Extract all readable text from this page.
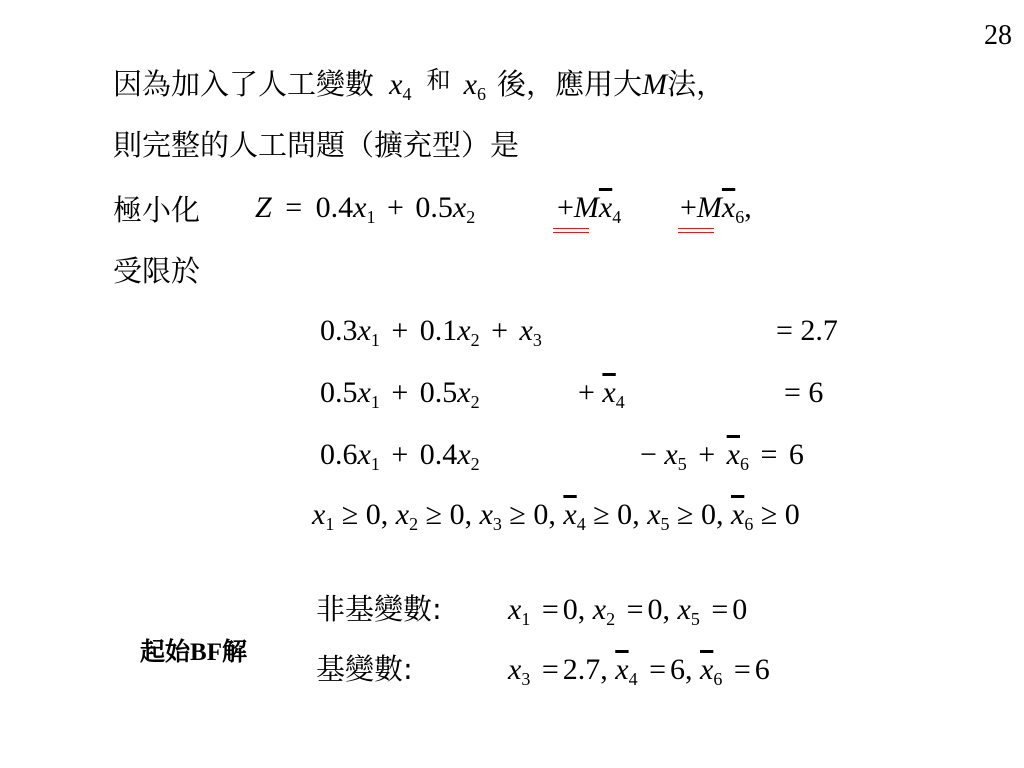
28
因為加入了人工變數 $x_4$ 和 $x_6$ 後，應用大M法，
則完整的人工問題（擴充型）是
極小化 $Z = 0.4x_1 + 0.5x_2$	$+M\overline{x}_4 +M\overline{x}_6$,
受限於
$0.3x_1 + 0.1x_2 + x_3$	= 2.7
$0.5x_1 + 0.5x_2$	+ $\overline{x}_4$	= 6
$0.6x_1 + 0.4x_2$	− $x_5 + \overline{x}_6 = 6$
$x_1 \ge 0$, $x_2 \ge 0$, $x_3 \ge 0$, $\overline{x}_4 \ge 0$, $x_5 \ge 0$, $\overline{x}_6 \ge 0$
起始BF解
非基變數: $x_1 = 0$, $x_2 = 0$, $x_5 = 0$
基變數:	$x_3 = 2.7$, $\overline{x}_4 = 6$, $\overline{x}_6 = 6$
